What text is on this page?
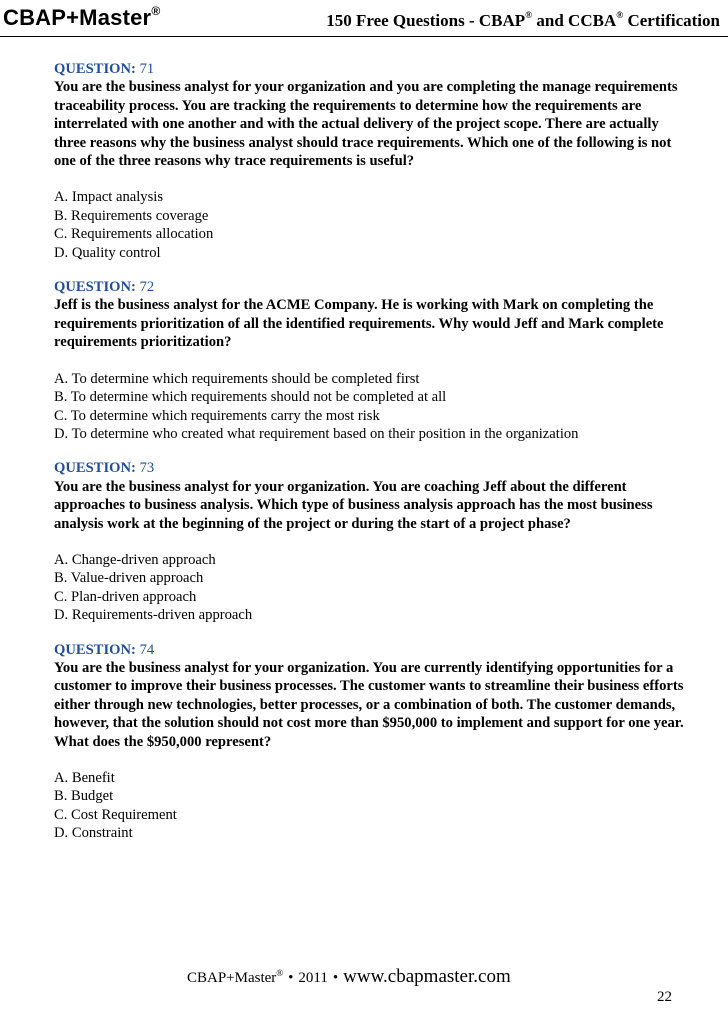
CBAP+Master®
150 Free Questions - CBAP® and CCBA® Certification
QUESTION: 71
You are the business analyst for your organization and you are completing the manage requirements traceability process. You are tracking the requirements to determine how the requirements are interrelated with one another and with the actual delivery of the project scope. There are actually three reasons why the business analyst should trace requirements. Which one of the following is not one of the three reasons why trace requirements is useful?
A. Impact analysis
B. Requirements coverage
C. Requirements allocation
D. Quality control
QUESTION: 72
Jeff is the business analyst for the ACME Company. He is working with Mark on completing the requirements prioritization of all the identified requirements. Why would Jeff and Mark complete requirements prioritization?
A. To determine which requirements should be completed first
B. To determine which requirements should not be completed at all
C. To determine which requirements carry the most risk
D. To determine who created what requirement based on their position in the organization
QUESTION: 73
You are the business analyst for your organization. You are coaching Jeff about the different approaches to business analysis. Which type of business analysis approach has the most business analysis work at the beginning of the project or during the start of a project phase?
A. Change-driven approach
B. Value-driven approach
C. Plan-driven approach
D. Requirements-driven approach
QUESTION: 74
You are the business analyst for your organization. You are currently identifying opportunities for a customer to improve their business processes. The customer wants to streamline their business efforts either through new technologies, better processes, or a combination of both. The customer demands, however, that the solution should not cost more than $950,000 to implement and support for one year. What does the $950,000 represent?
A. Benefit
B. Budget
C. Cost Requirement
D. Constraint
CBAP+Master® • 2011 • www.cbapmaster.com
22
